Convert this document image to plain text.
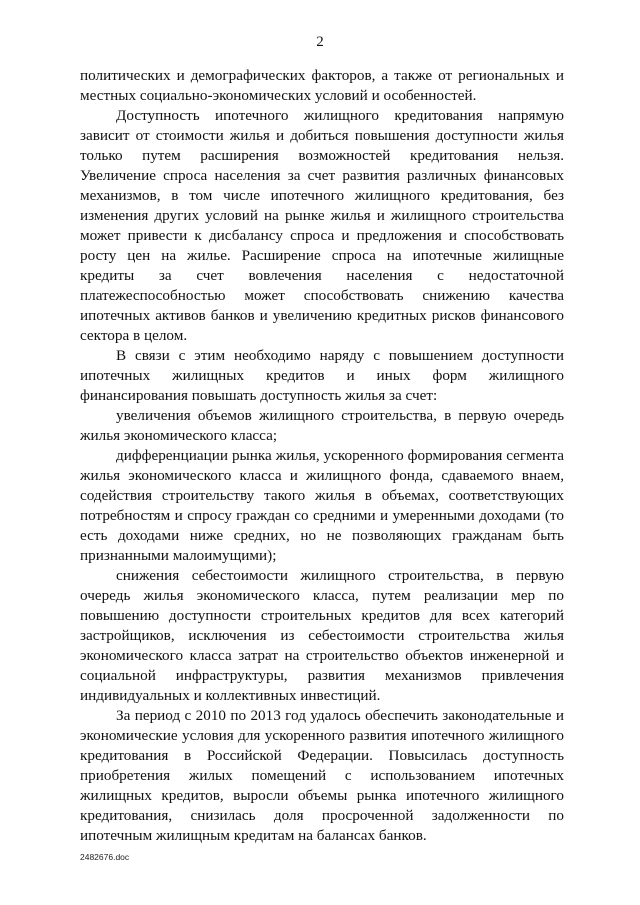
2

политических и демографических факторов, а также от региональных и местных социально-экономических условий и особенностей.

Доступность ипотечного жилищного кредитования напрямую зависит от стоимости жилья и добиться повышения доступности жилья только путем расширения возможностей кредитования нельзя. Увеличение спроса населения за счет развития различных финансовых механизмов, в том числе ипотечного жилищного кредитования, без изменения других условий на рынке жилья и жилищного строительства может привести к дисбалансу спроса и предложения и способствовать росту цен на жилье. Расширение спроса на ипотечные жилищные кредиты за счет вовлечения населения с недостаточной платежеспособностью может способствовать снижению качества ипотечных активов банков и увеличению кредитных рисков финансового сектора в целом.

В связи с этим необходимо наряду с повышением доступности ипотечных жилищных кредитов и иных форм жилищного финансирования повышать доступность жилья за счет:

увеличения объемов жилищного строительства, в первую очередь жилья экономического класса;

дифференциации рынка жилья, ускоренного формирования сегмента жилья экономического класса и жилищного фонда, сдаваемого внаем, содействия строительству такого жилья в объемах, соответствующих потребностям и спросу граждан со средними и умеренными доходами (то есть доходами ниже средних, но не позволяющих гражданам быть признанными малоимущими);

снижения себестоимости жилищного строительства, в первую очередь жилья экономического класса, путем реализации мер по повышению доступности строительных кредитов для всех категорий застройщиков, исключения из себестоимости строительства жилья экономического класса затрат на строительство объектов инженерной и социальной инфраструктуры, развития механизмов привлечения индивидуальных и коллективных инвестиций.

За период с 2010 по 2013 год удалось обеспечить законодательные и экономические условия для ускоренного развития ипотечного жилищного кредитования в Российской Федерации. Повысилась доступность приобретения жилых помещений с использованием ипотечных жилищных кредитов, выросли объемы рынка ипотечного жилищного кредитования, снизилась доля просроченной задолженности по ипотечным жилищным кредитам на балансах банков.

2482676.doc
